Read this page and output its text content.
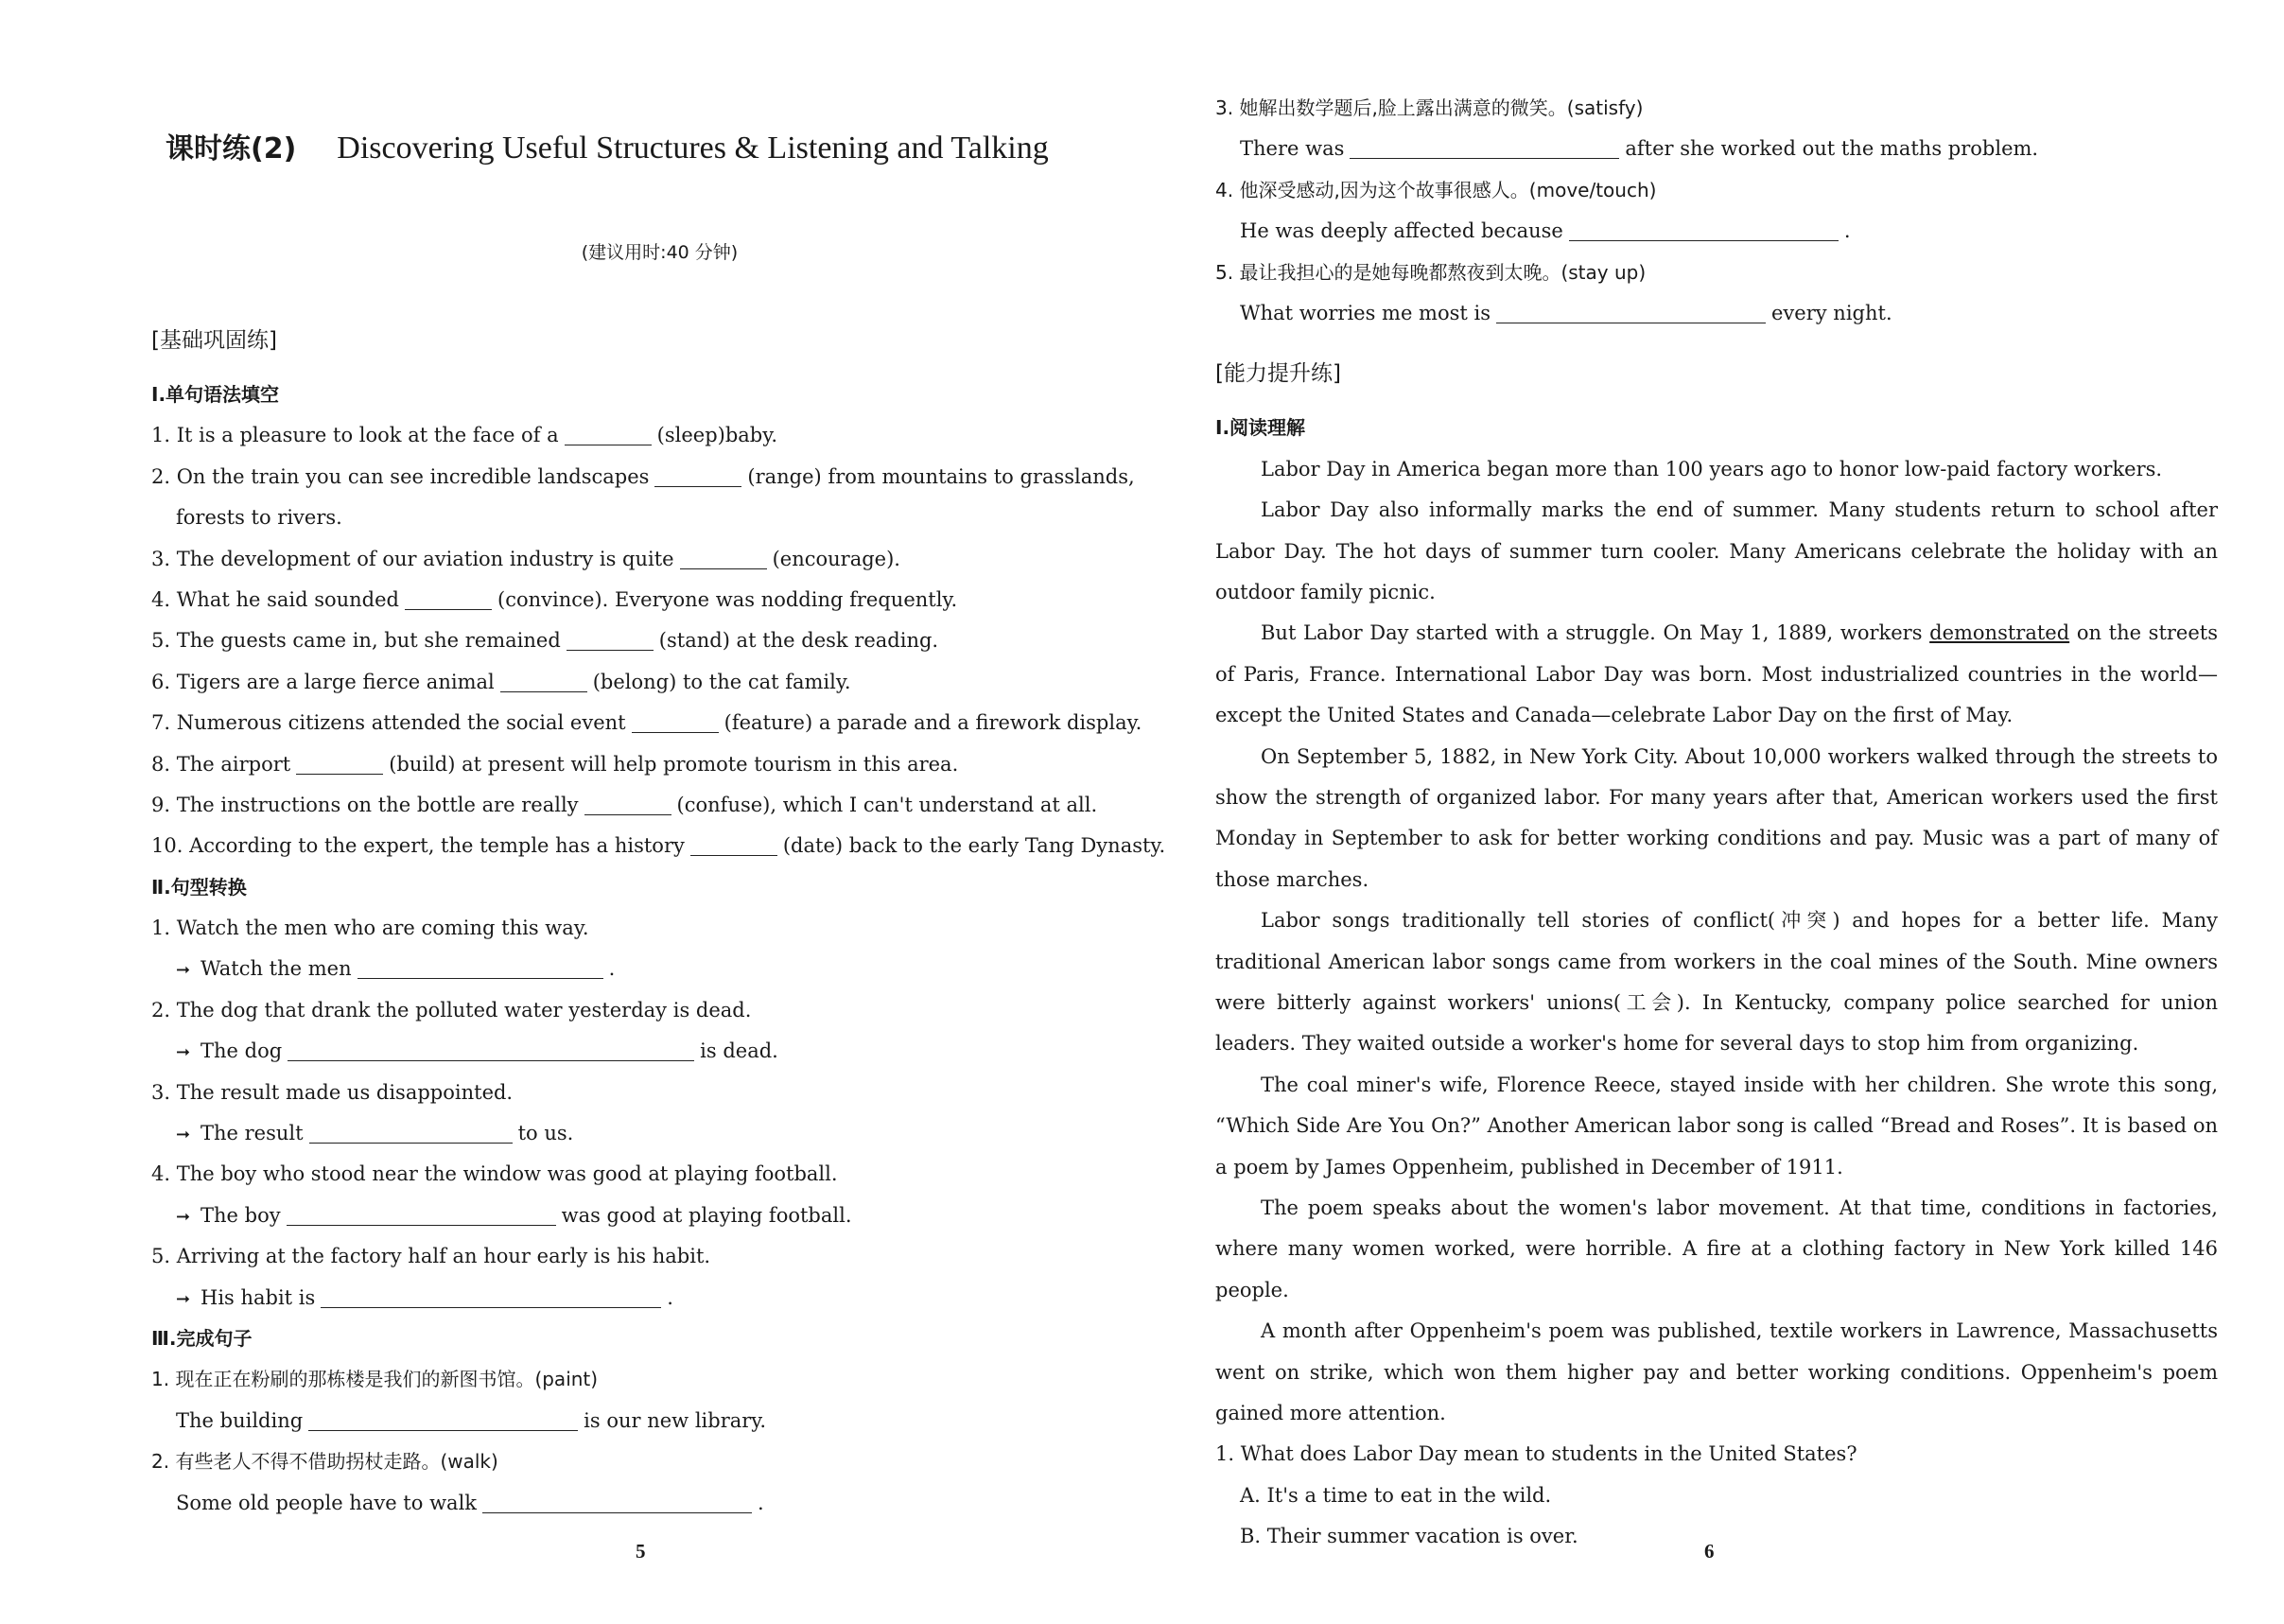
课时练(2) Discovering Useful Structures & Listening and Talking
(建议用时:40 分钟)
[基础巩固练]
Ⅰ.单句语法填空
1. It is a pleasure to look at the face of a	(sleep)baby.
2. On the train you can see incredible landscapes	(range) from mountains to grasslands,
forests to rivers.
3. The development of our aviation industry is quite	(encourage).
4. What he said sounded	(convince). Everyone was nodding frequently.
5. The guests came in, but she remained	(stand) at the desk reading.
6. Tigers are a large fierce animal	(belong) to the cat family.
7. Numerous citizens attended the social event	(feature) a parade and a firework display.
8. The airport	(build) at present will help promote tourism in this area.
9. The instructions on the bottle are really	(confuse), which I can't understand at all.
10. According to the expert, the temple has a history	(date) back to the early Tang Dynasty.
Ⅱ.句型转换
1. Watch the men who are coming this way.
➞ Watch the men	.
2. The dog that drank the polluted water yesterday is dead.
➞ The dog	is dead.
3. The result made us disappointed.
➞ The result	to us.
4. The boy who stood near the window was good at playing football.
➞ The boy	was good at playing football.
5. Arriving at the factory half an hour early is his habit.
➞ His habit is	.
Ⅲ.完成句子
1. 现在正在粉刷的那栋楼是我们的新图书馆。(paint)
The building	is our new library.
2. 有些老人不得不借助拐杖走路。(walk)
Some old people have to walk	.
5
3. 她解出数学题后,脸上露出满意的微笑。(satisfy)
There was	after she worked out the maths problem.
4. 他深受感动,因为这个故事很感人。(move/touch)
He was deeply affected because	.
5. 最让我担心的是她每晚都熬夜到太晚。(stay up)
What worries me most is	every night.
[能力提升练]
Ⅰ.阅读理解

Labor Day in America began more than 100 years ago to honor low-paid factory workers.

Labor Day also informally marks the end of summer. Many students return to school after Labor Day. The hot days of summer turn cooler. Many Americans celebrate the holiday with an outdoor family picnic.

But Labor Day started with a struggle. On May 1, 1889, workers demonstrated on the streets of Paris, France. International Labor Day was born. Most industrialized countries in the world—except the United States and Canada—celebrate Labor Day on the first of May.

On September 5, 1882, in New York City. About 10,000 workers walked through the streets to show the strength of organized labor. For many years after that, American workers used the first Monday in September to ask for better working conditions and pay. Music was a part of many of those marches.

Labor songs traditionally tell stories of conflict(冲突) and hopes for a better life. Many traditional American labor songs came from workers in the coal mines of the South. Mine owners were bitterly against workers' unions(工会). In Kentucky, company police searched for union leaders. They waited outside a worker's home for several days to stop him from organizing.

The coal miner's wife, Florence Reece, stayed inside with her children. She wrote this song, “Which Side Are You On?” Another American labor song is called “Bread and Roses”. It is based on a poem by James Oppenheim, published in December of 1911.

The poem speaks about the women's labor movement. At that time, conditions in factories, where many women worked, were horrible. A fire at a clothing factory in New York killed 146 people.

A month after Oppenheim's poem was published, textile workers in Lawrence, Massachusetts went on strike, which won them higher pay and better working conditions. Oppenheim's poem gained more attention.

1. What does Labor Day mean to students in the United States?
A. It's a time to eat in the wild.
B. Their summer vacation is over.
6
